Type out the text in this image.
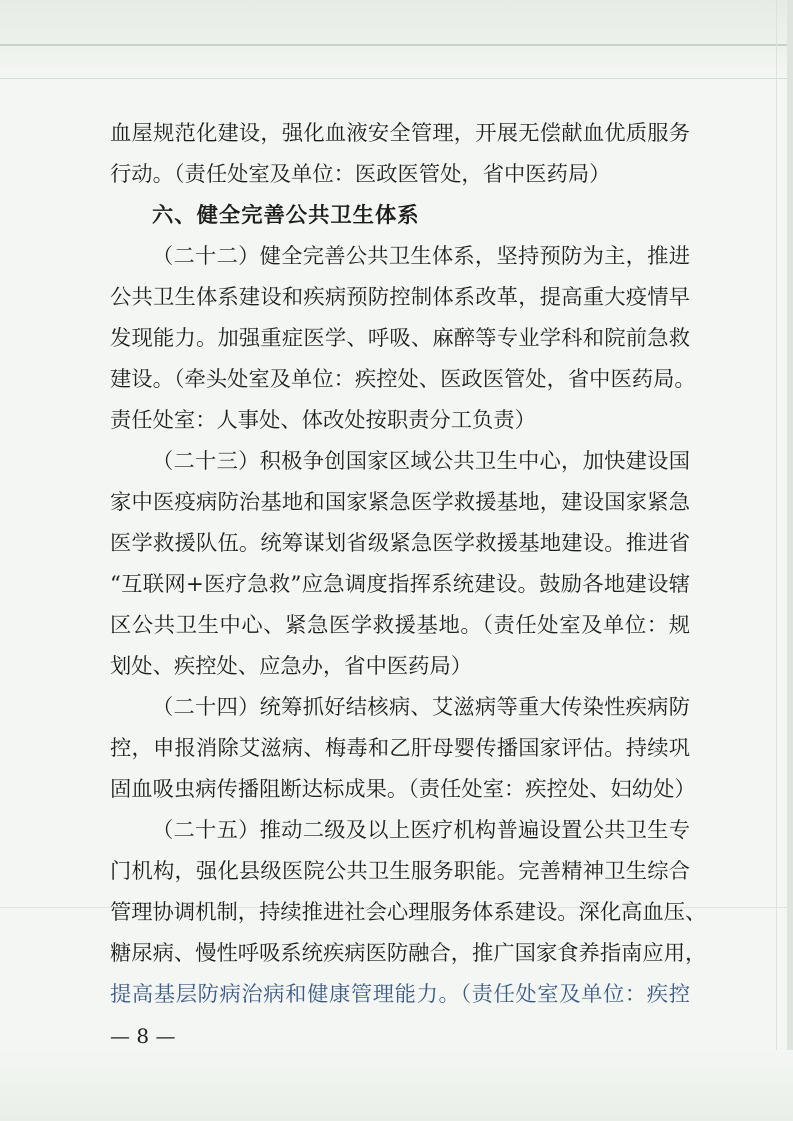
血屋规范化建设，强化血液安全管理，开展无偿献血优质服务
行动。（责任处室及单位：医政医管处，省中医药局）
六、健全完善公共卫生体系
（二十二）健全完善公共卫生体系，坚持预防为主，推进
公共卫生体系建设和疾病预防控制体系改革，提高重大疫情早
发现能力。加强重症医学、呼吸、麻醉等专业学科和院前急救
建设。（牵头处室及单位：疾控处、医政医管处，省中医药局。
责任处室：人事处、体改处按职责分工负责）
（二十三）积极争创国家区域公共卫生中心，加快建设国
家中医疫病防治基地和国家紧急医学救援基地，建设国家紧急
医学救援队伍。统筹谋划省级紧急医学救援基地建设。推进省
“互联网+医疗急救”应急调度指挥系统建设。鼓励各地建设辖
区公共卫生中心、紧急医学救援基地。（责任处室及单位：规
划处、疾控处、应急办，省中医药局）
（二十四）统筹抓好结核病、艾滋病等重大传染性疾病防
控，申报消除艾滋病、梅毒和乙肝母婴传播国家评估。持续巩
固血吸虫病传播阻断达标成果。（责任处室：疾控处、妇幼处）
（二十五）推动二级及以上医疗机构普遍设置公共卫生专
门机构，强化县级医院公共卫生服务职能。完善精神卫生综合
管理协调机制，持续推进社会心理服务体系建设。深化高血压、
糖尿病、慢性呼吸系统疾病医防融合，推广国家食养指南应用，
提高基层防病治病和健康管理能力。（责任处室及单位：疾控
— 8 —
